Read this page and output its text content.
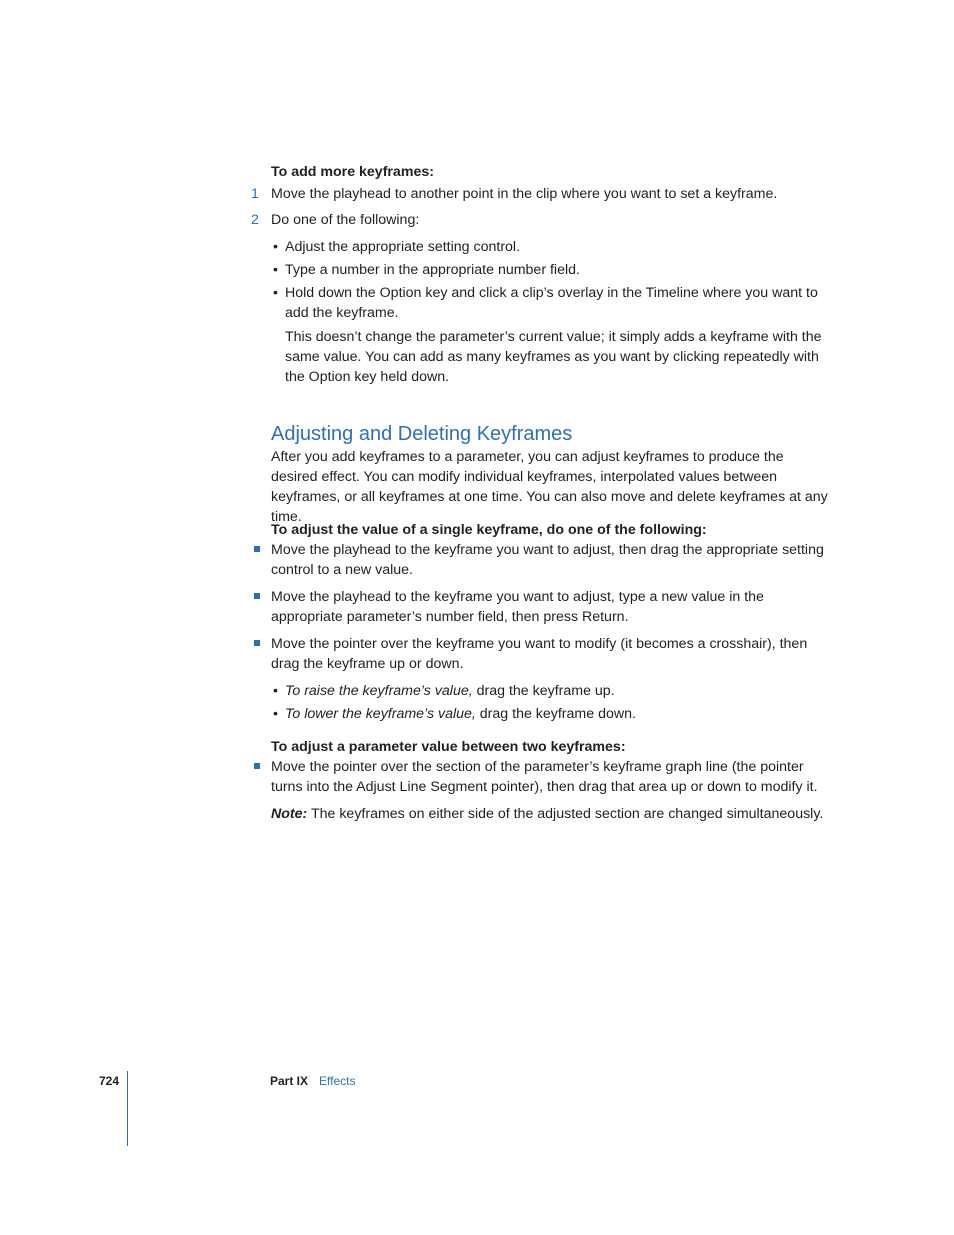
To add more keyframes:

1 Move the playhead to another point in the clip where you want to set a keyframe.

2 Do one of the following:

• Adjust the appropriate setting control.

• Type a number in the appropriate number field.

• Hold down the Option key and click a clip’s overlay in the Timeline where you want to add the keyframe.

This doesn’t change the parameter’s current value; it simply adds a keyframe with the same value. You can add as many keyframes as you want by clicking repeatedly with the Option key held down.

Adjusting and Deleting Keyframes

After you add keyframes to a parameter, you can adjust keyframes to produce the desired effect. You can modify individual keyframes, interpolated values between keyframes, or all keyframes at one time. You can also move and delete keyframes at any time.

To adjust the value of a single keyframe, do one of the following:

Move the playhead to the keyframe you want to adjust, then drag the appropriate setting control to a new value.

Move the playhead to the keyframe you want to adjust, type a new value in the appropriate parameter’s number field, then press Return.

Move the pointer over the keyframe you want to modify (it becomes a crosshair), then drag the keyframe up or down.

• To raise the keyframe’s value, drag the keyframe up.

• To lower the keyframe’s value, drag the keyframe down.

To adjust a parameter value between two keyframes:

Move the pointer over the section of the parameter’s keyframe graph line (the pointer turns into the Adjust Line Segment pointer), then drag that area up or down to modify it.

Note: The keyframes on either side of the adjusted section are changed simultaneously.

724	Part IX Effects
